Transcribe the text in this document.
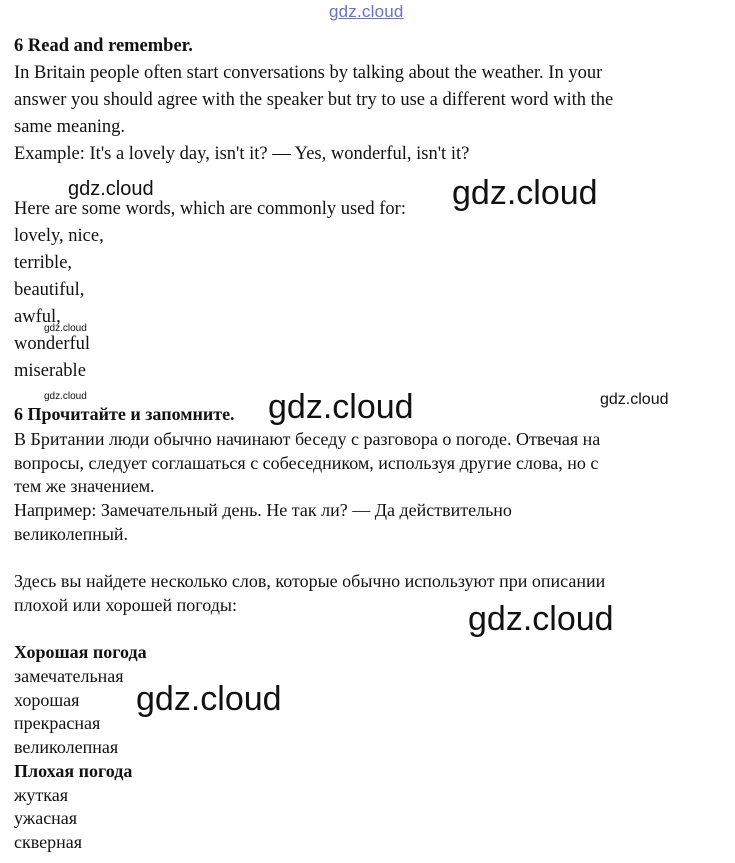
gdz.cloud
6 Read and remember.
In Britain people often start conversations by talking about the weather. In your
answer you should agree with the speaker but try to use a different word with the
same meaning.
Example: It's a lovely day, isn't it? — Yes, wonderful, isn't it?
Here are some words, which are commonly used for:
lovely, nice,
terrible,
beautiful,
awful,
wonderful
miserable
6 Прочитайте и запомните.
В Британии люди обычно начинают беседу с разговора о погоде. Отвечая на
вопросы, следует соглашаться с собеседником, используя другие слова, но с
тем же значением.
Например: Замечательный день. Не так ли? — Да действительно
великолепный.
Здесь вы найдете несколько слов, которые обычно используют при описании
плохой или хорошей погоды:
Хорошая погода
замечательная
хорошая
прекрасная
великолепная
Плохая погода
жуткая
ужасная
скверная
gdz.cloud	gdz.cloud
gdz.cloud
gdz.cloud	gdz.cloud	gdz.cloud
gdz.cloud
gdz.cloud
